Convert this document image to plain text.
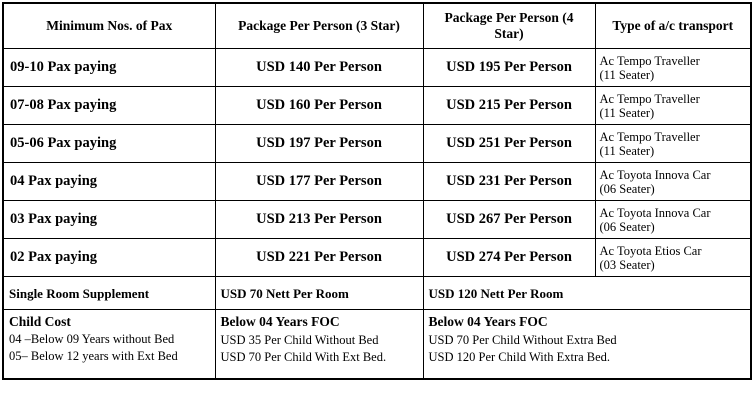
Minimum Nos. of Pax	Package Per Person (3 Star)	Package Per Person (4 Star)	Type of a/c transport
09-10 Pax paying	USD 140 Per Person	USD 195 Per Person	Ac Tempo Traveller
(11 Seater)

07-08 Pax paying	USD 160 Per Person	USD 215 Per Person	Ac Tempo Traveller
(11 Seater)

05-06 Pax paying	USD 197 Per Person	USD 251 Per Person	Ac Tempo Traveller
(11 Seater)

04 Pax paying	USD 177 Per Person	USD 231 Per Person	Ac Toyota Innova Car
(06 Seater)

03 Pax paying	USD 213 Per Person	USD 267 Per Person	Ac Toyota Innova Car
(06 Seater)

02 Pax paying	USD 221 Per Person	USD 274 Per Person	Ac Toyota Etios Car
(03 Seater)

Single Room Supplement	USD 70 Nett Per Room	USD 120 Nett Per Room	

Child Cost
04 –Below 09 Years without Bed
05– Below 12 years with Ext Bed

Below 04 Years FOC
USD 35 Per Child Without Bed
USD 70 Per Child With Ext Bed.

Below 04 Years FOC
USD 70 Per Child Without Extra Bed
USD 120 Per Child With Extra Bed.
